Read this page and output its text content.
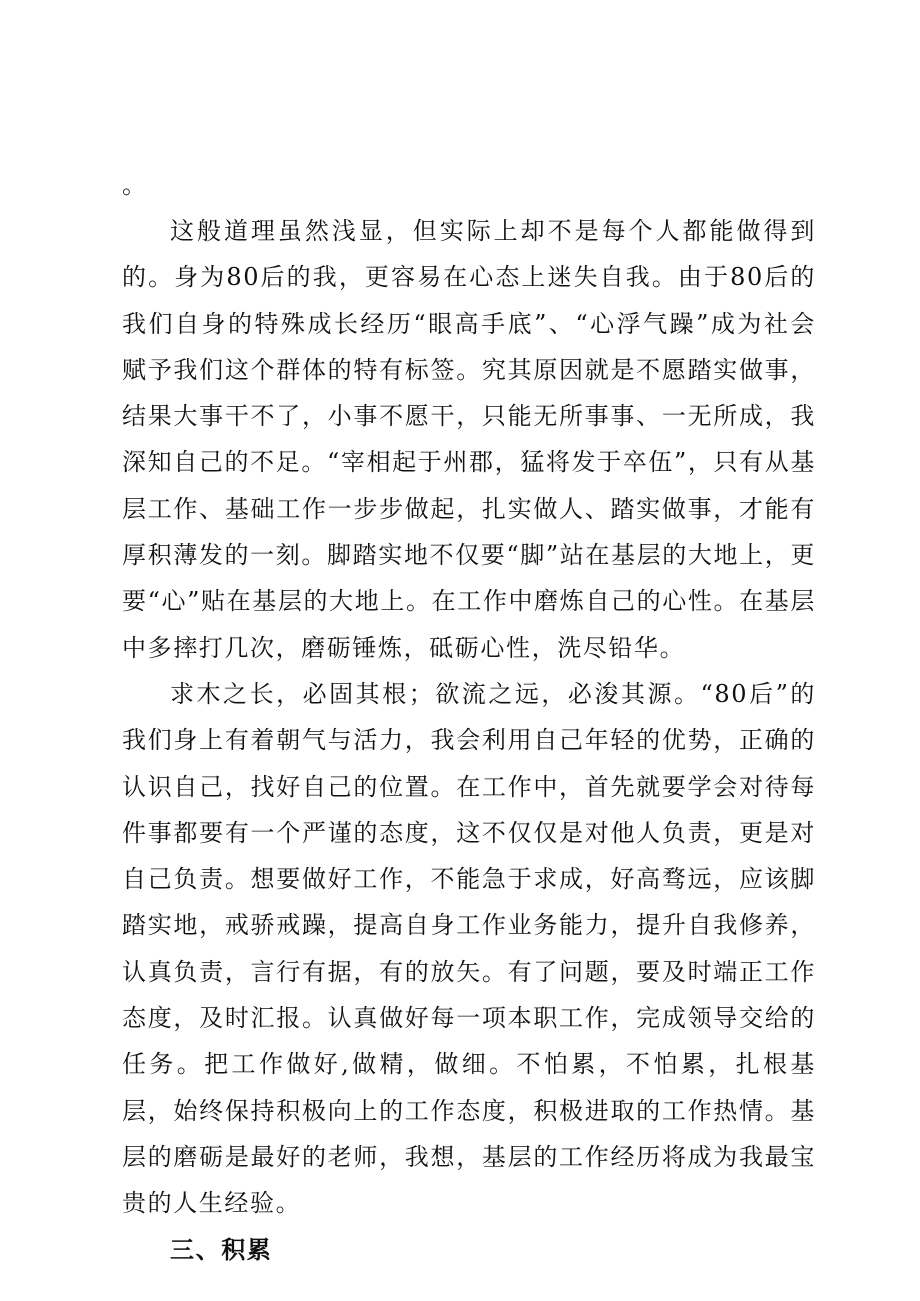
。

这般道理虽然浅显，但实际上却不是每个人都能做得到的。身为80后的我，更容易在心态上迷失自我。由于80后的我们自身的特殊成长经历“眼高手底”、“心浮气躁”成为社会赋予我们这个群体的特有标签。究其原因就是不愿踏实做事，结果大事干不了，小事不愿干，只能无所事事、一无所成，我深知自己的不足。“宰相起于州郡，猛将发于卒伍”，只有从基层工作、基础工作一步步做起，扎实做人、踏实做事，才能有厚积薄发的一刻。脚踏实地不仅要“脚”站在基层的大地上，更要“心”贴在基层的大地上。在工作中磨炼自己的心性。在基层中多摔打几次，磨砺锤炼，砥砺心性，洗尽铅华。

求木之长，必固其根；欲流之远，必浚其源。“80后”的我们身上有着朝气与活力，我会利用自己年轻的优势，正确的认识自己，找好自己的位置。在工作中，首先就要学会对待每件事都要有一个严谨的态度，这不仅仅是对他人负责，更是对自己负责。想要做好工作，不能急于求成，好高骛远，应该脚踏实地，戒骄戒躁，提高自身工作业务能力，提升自我修养，认真负责，言行有据，有的放矢。有了问题，要及时端正工作态度，及时汇报。认真做好每一项本职工作，完成领导交给的任务。把工作做好,做精，做细。不怕累，不怕累，扎根基层，始终保持积极向上的工作态度，积极进取的工作热情。基层的磨砺是最好的老师，我想，基层的工作经历将成为我最宝贵的人生经验。

三、积累
